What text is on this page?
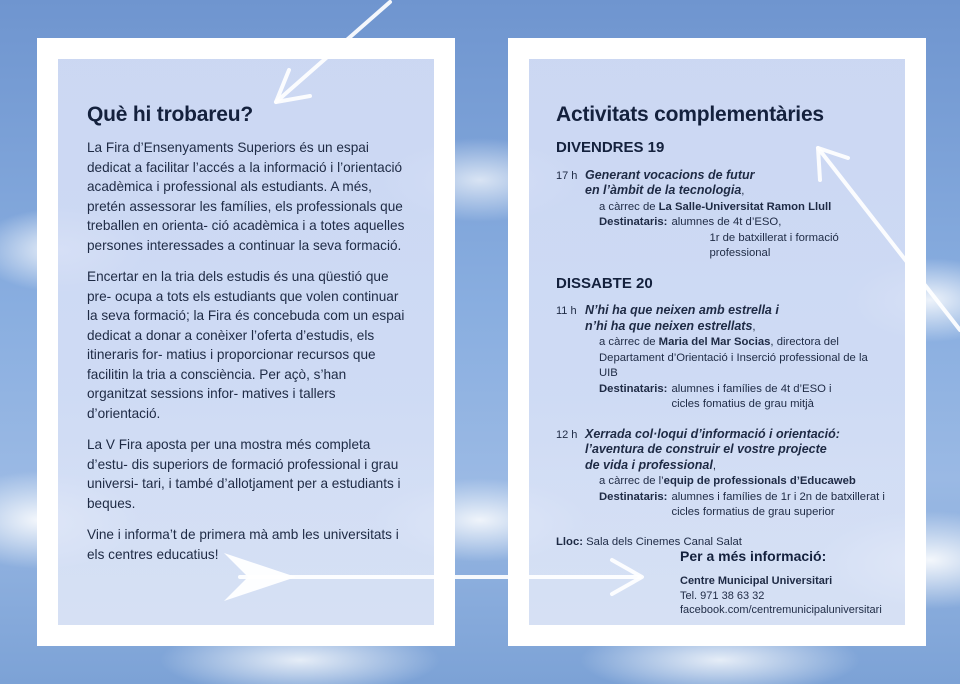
Què hi trobareu?

La Fira d’Ensenyaments Superiors és un espai dedicat a facilitar l’accés a la informació i l’orientació acadèmica i professional als estudiants. A més, pretén assessorar les famílies, els professionals que treballen en orienta- ció acadèmica i a totes aquelles persones interessades a continuar la seva formació.

Encertar en la tria dels estudis és una qüestió que pre- ocupa a tots els estudiants que volen continuar la seva formació; la Fira és concebuda com un espai dedicat a donar a conèixer l’oferta d’estudis, els itineraris for- matius i proporcionar recursos que facilitin la tria a consciència. Per açò, s’han organitzat sessions infor- matives i tallers d’orientació.

La V Fira aposta per una mostra més completa d’estu- dis superiors de formació professional i grau universi- tari, i també d’allotjament per a estudiants i beques.

Vine i informa’t de primera mà amb les universitats i els centres educatius!

Activitats complementàries
DIVENDRES 19
17 h Generant vocacions de futur
en l’àmbit de la tecnologia,
a càrrec de La Salle-Universitat Ramon Llull
Destinataris: alumnes de 4t d’ESO,
1r de batxillerat i formació professional
DISSABTE 20
11 h N’hi ha que neixen amb estrella i
n’hi ha que neixen estrellats,
a càrrec de Maria del Mar Socias, directora del
Departament d’Orientació i Inserció professional de la UIB
Destinataris: alumnes i famílies de 4t d’ESO i
cicles fomatius de grau mitjà
12 h Xerrada col·loqui d’informació i orientació:
l’aventura de construir el vostre projecte
de vida i professional,
a càrrec de l’equip de professionals d’Educaweb
Destinataris: alumnes i famílies de 1r i 2n de batxillerat i
cicles formatius de grau superior
Lloc: Sala dels Cinemes Canal Salat
Per a més informació:
Centre Municipal Universitari
Tel. 971 38 63 32
facebook.com/centremunicipaluniversitari
